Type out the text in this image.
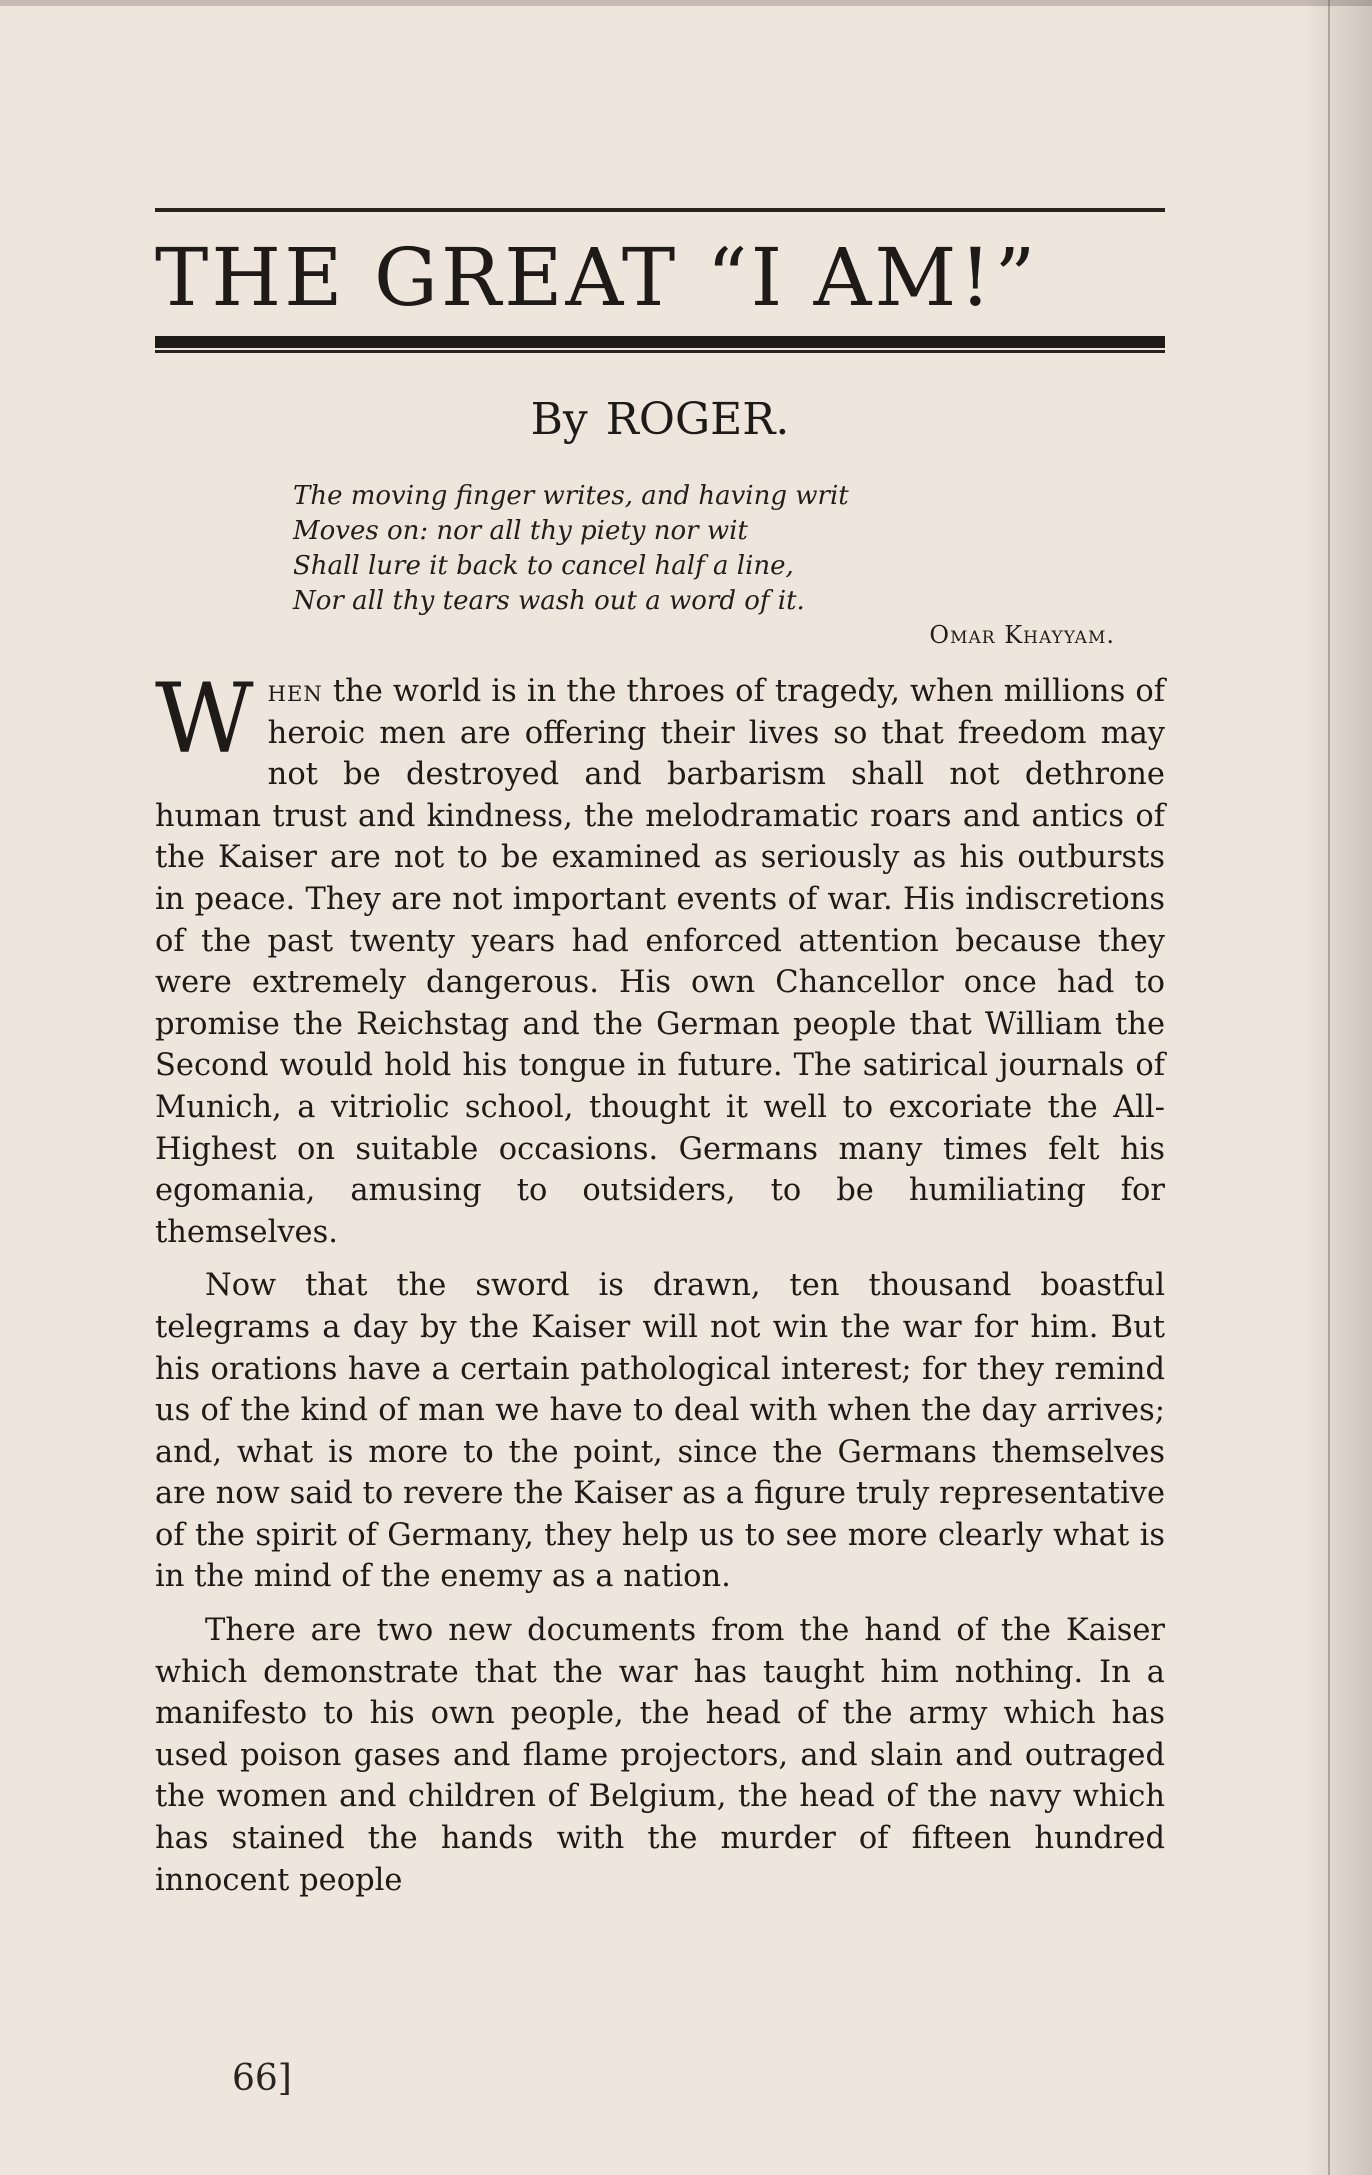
THE GREAT “I AM!”
By ROGER.
The moving finger writes, and having writ
Moves on: nor all thy piety nor wit
Shall lure it back to cancel half a line,
Nor all thy tears wash out a word of it.
Omar Khayyam.

When the world is in the throes of tragedy, when millions of heroic men are offering their lives so that freedom may not be destroyed and barbarism shall not dethrone human trust and kindness, the melodramatic roars and antics of the Kaiser are not to be examined as seriously as his outbursts in peace. They are not important events of war. His indiscretions of the past twenty years had enforced attention because they were extremely dangerous. His own Chancellor once had to promise the Reichstag and the German people that William the Second would hold his tongue in future. The satirical journals of Munich, a vitriolic school, thought it well to excoriate the All-Highest on suitable occasions. Germans many times felt his egomania, amusing to outsiders, to be humiliating for themselves.

Now that the sword is drawn, ten thousand boastful telegrams a day by the Kaiser will not win the war for him. But his orations have a certain pathological interest; for they remind us of the kind of man we have to deal with when the day arrives; and, what is more to the point, since the Germans themselves are now said to revere the Kaiser as a figure truly representative of the spirit of Germany, they help us to see more clearly what is in the mind of the enemy as a nation.

There are two new documents from the hand of the Kaiser which demonstrate that the war has taught him nothing. In a manifesto to his own people, the head of the army which has used poison gases and flame projectors, and slain and outraged the women and children of Belgium, the head of the navy which has stained the hands with the murder of fifteen hundred innocent people

66]
